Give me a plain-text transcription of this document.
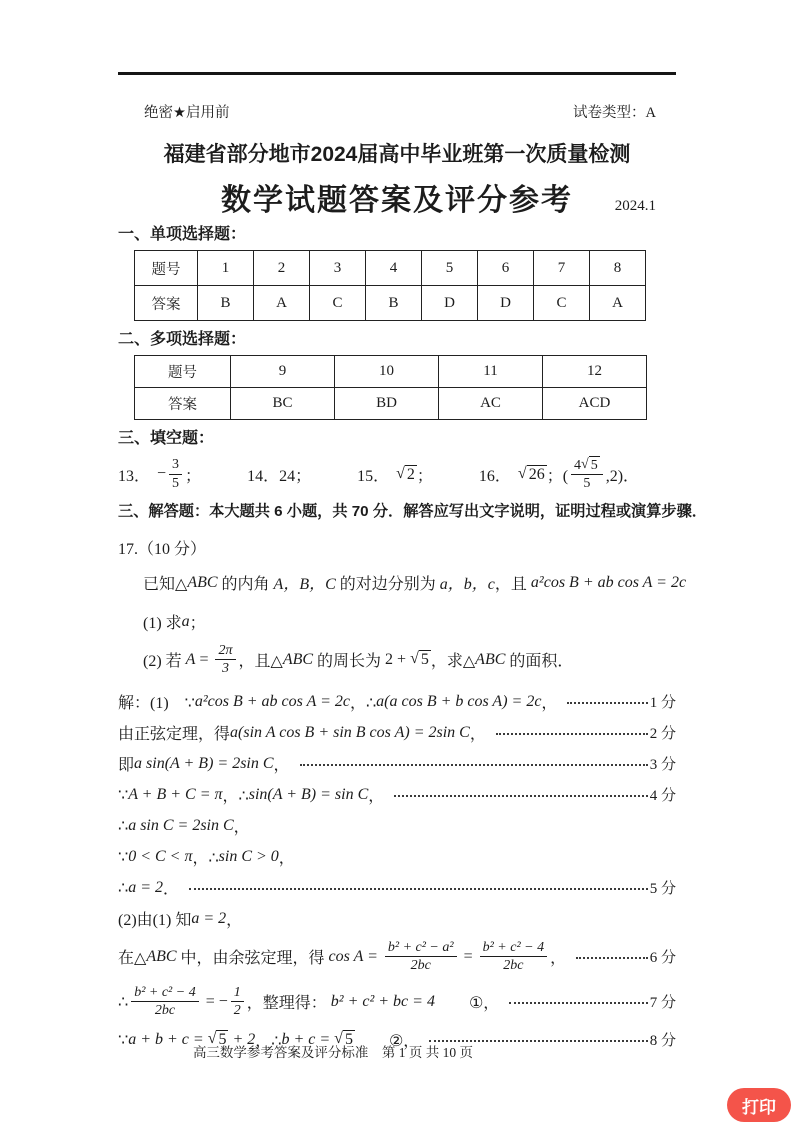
绝密★启用前	试卷类型：A
福建省部分地市2024届高中毕业班第一次质量检测
数学试题答案及评分参考	2024.1
一、单项选择题：
题号	1	2	3	4	5	6	7	8
答案	B	A	C	B	D	D	C	A
二、多项选择题：
题号	9	10	11	12
答案	BC	BD	AC	ACD
三、填空题：
13． − $\frac{3}{5}$ ；	14．24；	15． √ 2 ；	16． √ 26 ；( $\frac{4 √ 5}{5} ,2$)．
三、解答题：本大题共 6 小题，共 70 分．解答应写出文字说明，证明过程或演算步骤．
17.（10 分）
已知△ ABC 的内角 A，B，C 的对边分别为 a，b，c ，且 a²cos B + ab cos A = 2c
(1) 求 a ；
(2) 若 $A = \frac{2\pi}{3}$ ，且△ ABC 的周长为 2 + √ 5 ，求△ ABC 的面积．
解：(1)　∵ a²cos B + ab cos A = 2c ，∴ a(a cos B + b cos A) = 2c ，	1 分
由正弦定理，得 a(sin A cos B + sin B cos A) = 2sin C ，	2 分
即 a sin(A + B) = 2sin C ，	3 分
∵ A + B + C = π ，∴ sin(A + B) = sin C ，	4 分
∴ a sin C = 2sin C ，
∵ 0 < C < π ，∴ sin C > 0 ，
∴ a = 2 ．	5 分
(2)由(1) 知 a = 2 ，
在△ ABC 中，由余弦定理，得 $\cos A = \frac{\text{b² + c² − a²}}{2bc} = \frac{\text{b² + c² − 4}}{2bc}$ ，	6 分
∴ $\frac{\text{b² + c² − 4}}{2bc}$ = − $\frac{1}{2}$ ，整理得： b² + c² + bc = 4 ①，	7 分
∵ a + b + c = √ 5 + 2 ，∴ b + c = √ 5 ②，	8 分
高三数学参考答案及评分标准　第 1 页 共 10 页
打印
